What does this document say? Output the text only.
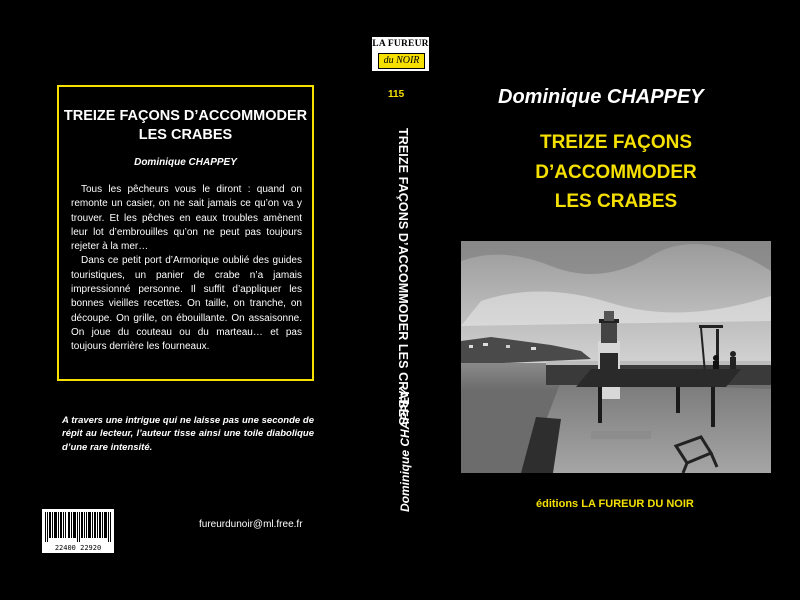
TREIZE FAÇONS D’ACCOMMODER
LES CRABES
Dominique CHAPPEY

Tous les pêcheurs vous le diront : quand on remonte un casier, on ne sait jamais ce qu’on va y trouver. Et les pêches en eaux troubles amènent leur lot d’embrouilles qu’on ne peut pas toujours rejeter à la mer…

Dans ce petit port d’Armorique oublié des guides touristiques, un panier de crabe n’a jamais impressionné personne. Il suffit d’appliquer les bonnes vieilles recettes. On taille, on tranche, on découpe. On grille, on ébouillante. On assaisonne. On joue du couteau ou du marteau… et pas toujours derrière les fourneaux.

A travers une intrigue qui ne laisse pas une seconde de répit au lecteur, l’auteur tisse ainsi une toile diabolique d’une rare intensité.
22400 22920
fureurdunoir@ml.free.fr
LA FUREUR
du NOIR
115
TREIZE FAÇONS D’ACCOMMODER LES CRABES
Dominique CHAPPEY
Dominique CHAPPEY
TREIZE FAÇONS
D’ACCOMMODER
LES CRABES
éditions LA FUREUR DU NOIR
